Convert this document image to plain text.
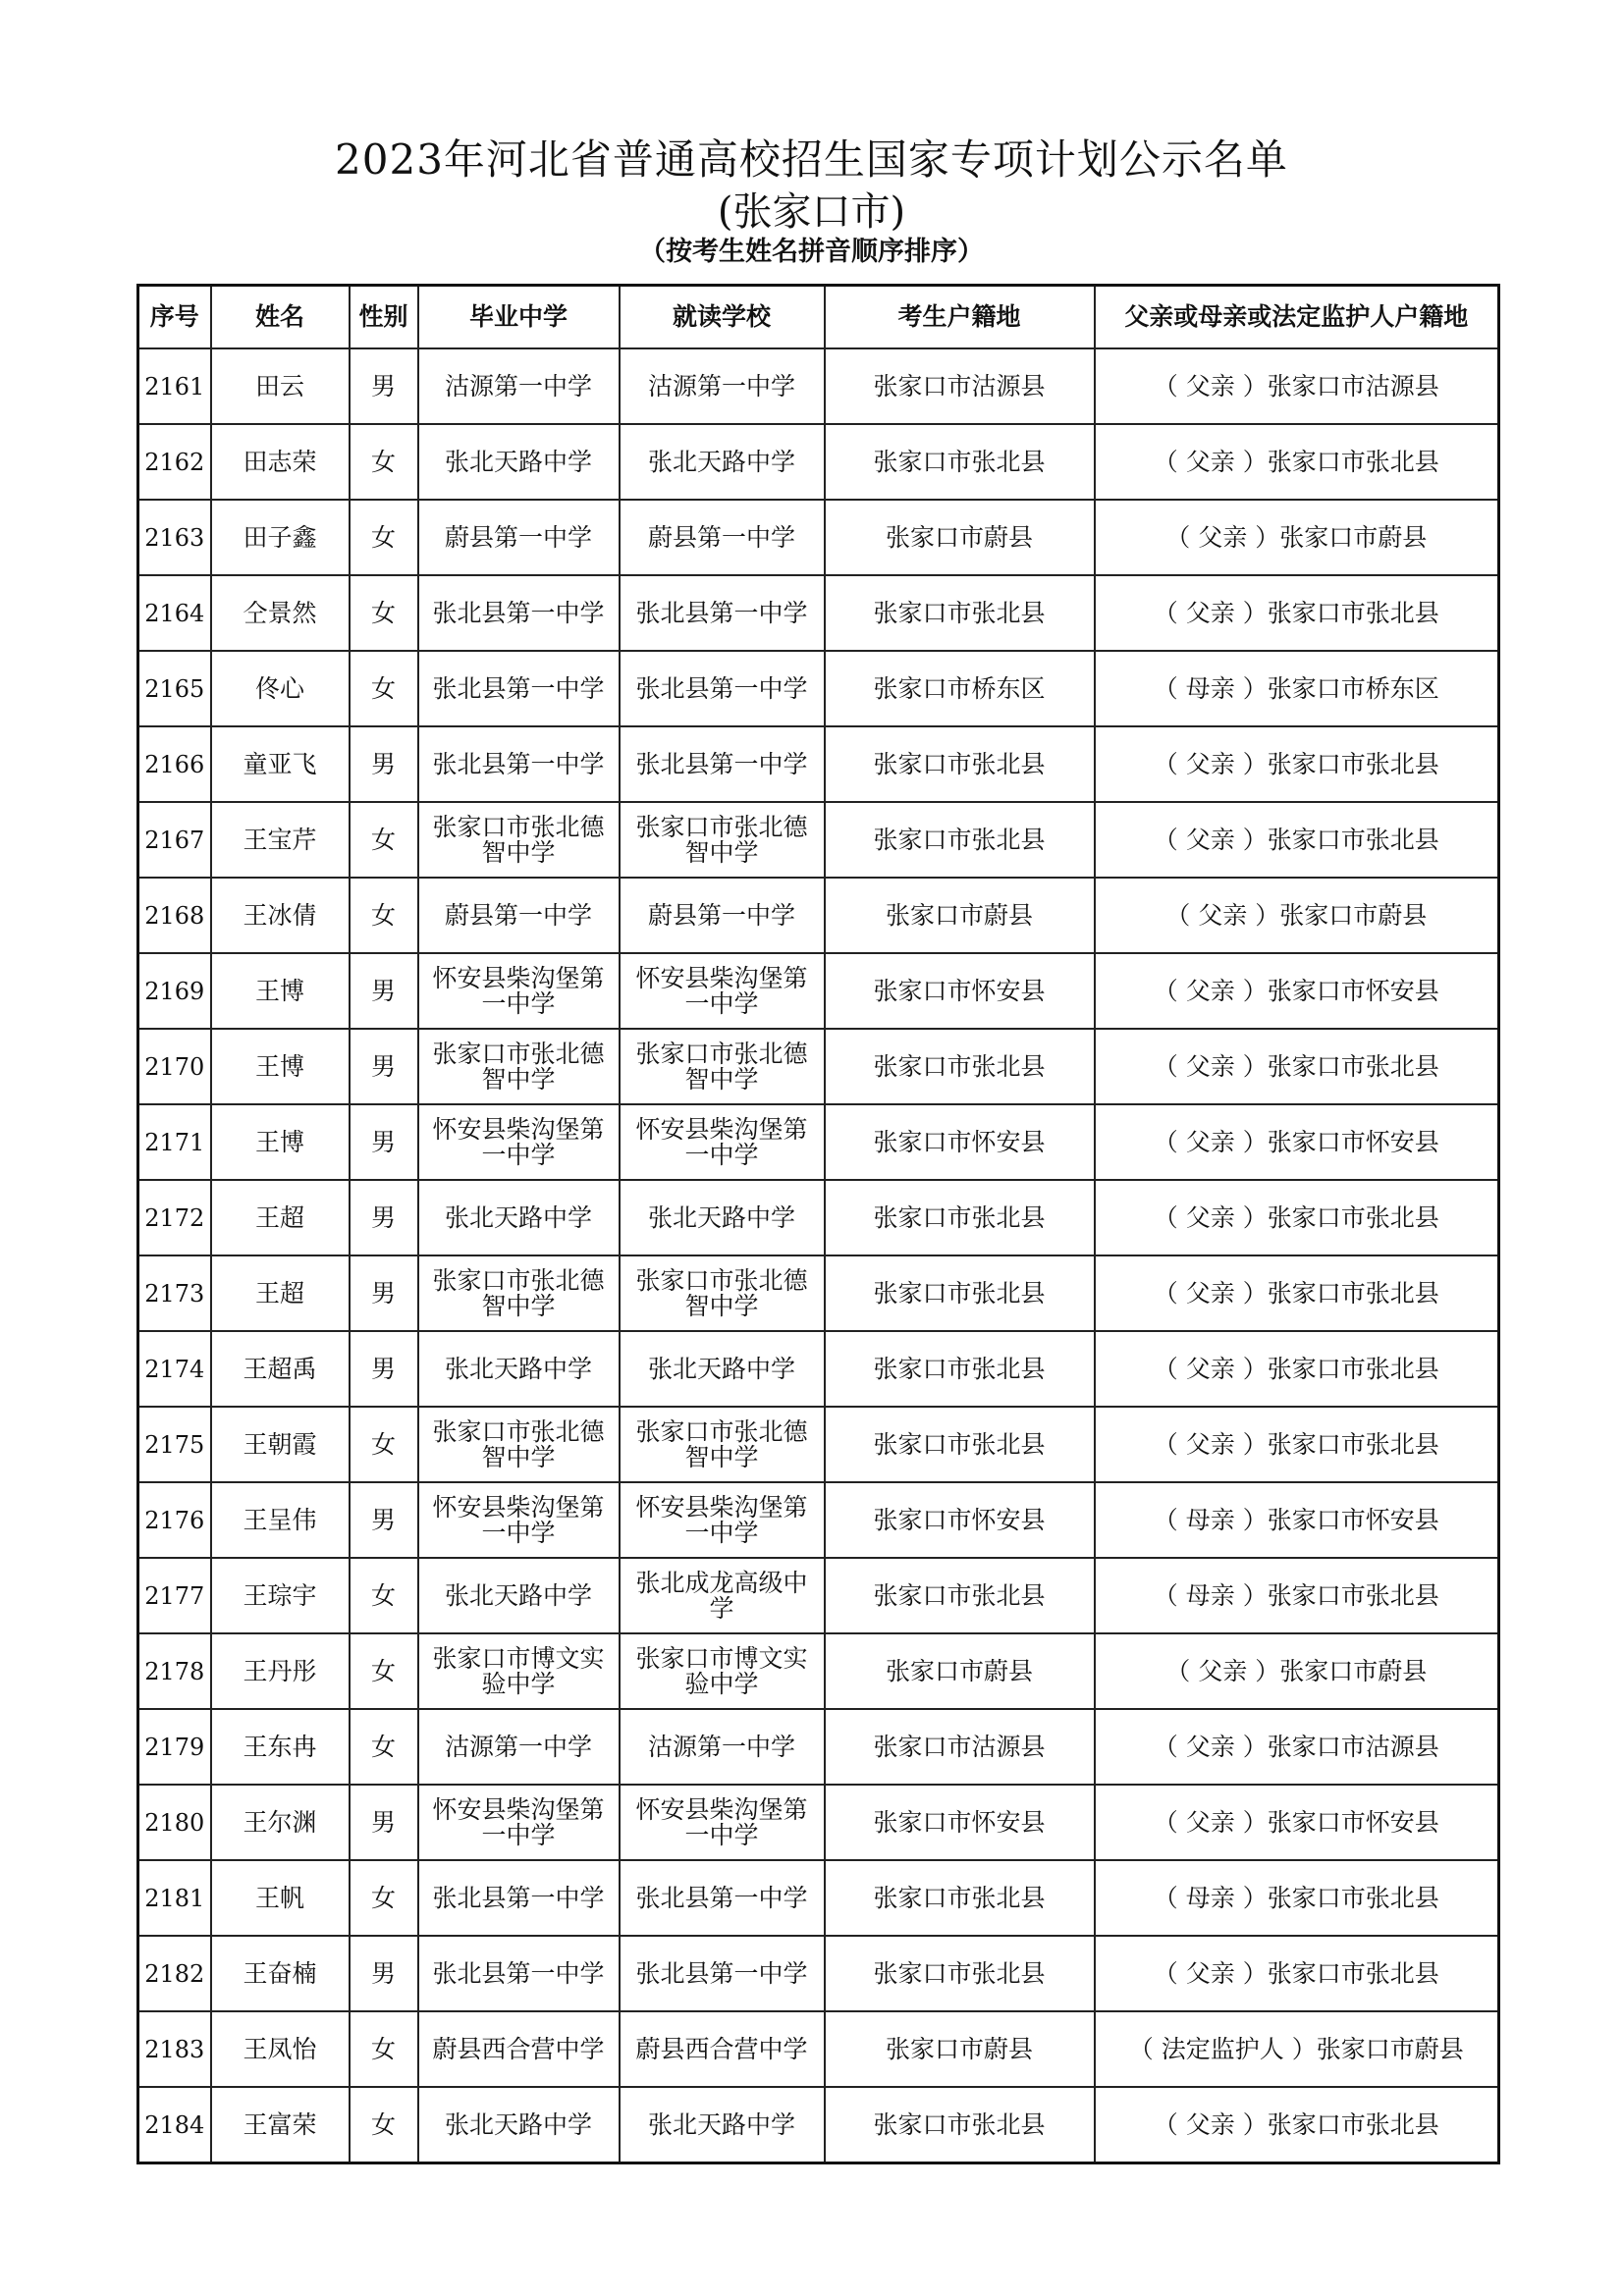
2023年河北省普通高校招生国家专项计划公示名单
(张家口市)
（按考生姓名拼音顺序排序）
序号	姓名	性别	毕业中学	就读学校	考生户籍地	父亲或母亲或法定监护人户籍地
2161	田云	男	沽源第一中学	沽源第一中学	张家口市沽源县	（ 父亲 ）张家口市沽源县
2162	田志荣	女	张北天路中学	张北天路中学	张家口市张北县	（ 父亲 ）张家口市张北县
2163	田子鑫	女	蔚县第一中学	蔚县第一中学	张家口市蔚县	（ 父亲 ）张家口市蔚县
2164	仝景然	女	张北县第一中学	张北县第一中学	张家口市张北县	（ 父亲 ）张家口市张北县
2165	佟心	女	张北县第一中学	张北县第一中学	张家口市桥东区	（ 母亲 ）张家口市桥东区
2166	童亚飞	男	张北县第一中学	张北县第一中学	张家口市张北县	（ 父亲 ）张家口市张北县
2167	王宝芹	女	张家口市张北德智中学	张家口市张北德智中学	张家口市张北县	（ 父亲 ）张家口市张北县
2168	王冰倩	女	蔚县第一中学	蔚县第一中学	张家口市蔚县	（ 父亲 ）张家口市蔚县
2169	王博	男	怀安县柴沟堡第一中学	怀安县柴沟堡第一中学	张家口市怀安县	（ 父亲 ）张家口市怀安县
2170	王博	男	张家口市张北德智中学	张家口市张北德智中学	张家口市张北县	（ 父亲 ）张家口市张北县
2171	王博	男	怀安县柴沟堡第一中学	怀安县柴沟堡第一中学	张家口市怀安县	（ 父亲 ）张家口市怀安县
2172	王超	男	张北天路中学	张北天路中学	张家口市张北县	（ 父亲 ）张家口市张北县
2173	王超	男	张家口市张北德智中学	张家口市张北德智中学	张家口市张北县	（ 父亲 ）张家口市张北县
2174	王超禹	男	张北天路中学	张北天路中学	张家口市张北县	（ 父亲 ）张家口市张北县
2175	王朝霞	女	张家口市张北德智中学	张家口市张北德智中学	张家口市张北县	（ 父亲 ）张家口市张北县
2176	王呈伟	男	怀安县柴沟堡第一中学	怀安县柴沟堡第一中学	张家口市怀安县	（ 母亲 ）张家口市怀安县
2177	王琮宇	女	张北天路中学	张北成龙高级中学	张家口市张北县	（ 母亲 ）张家口市张北县
2178	王丹彤	女	张家口市博文实验中学	张家口市博文实验中学	张家口市蔚县	（ 父亲 ）张家口市蔚县
2179	王东冉	女	沽源第一中学	沽源第一中学	张家口市沽源县	（ 父亲 ）张家口市沽源县
2180	王尔渊	男	怀安县柴沟堡第一中学	怀安县柴沟堡第一中学	张家口市怀安县	（ 父亲 ）张家口市怀安县
2181	王帆	女	张北县第一中学	张北县第一中学	张家口市张北县	（ 母亲 ）张家口市张北县
2182	王奋楠	男	张北县第一中学	张北县第一中学	张家口市张北县	（ 父亲 ）张家口市张北县
2183	王凤怡	女	蔚县西合营中学	蔚县西合营中学	张家口市蔚县	（ 法定监护人 ）张家口市蔚县
2184	王富荣	女	张北天路中学	张北天路中学	张家口市张北县	（ 父亲 ）张家口市张北县
